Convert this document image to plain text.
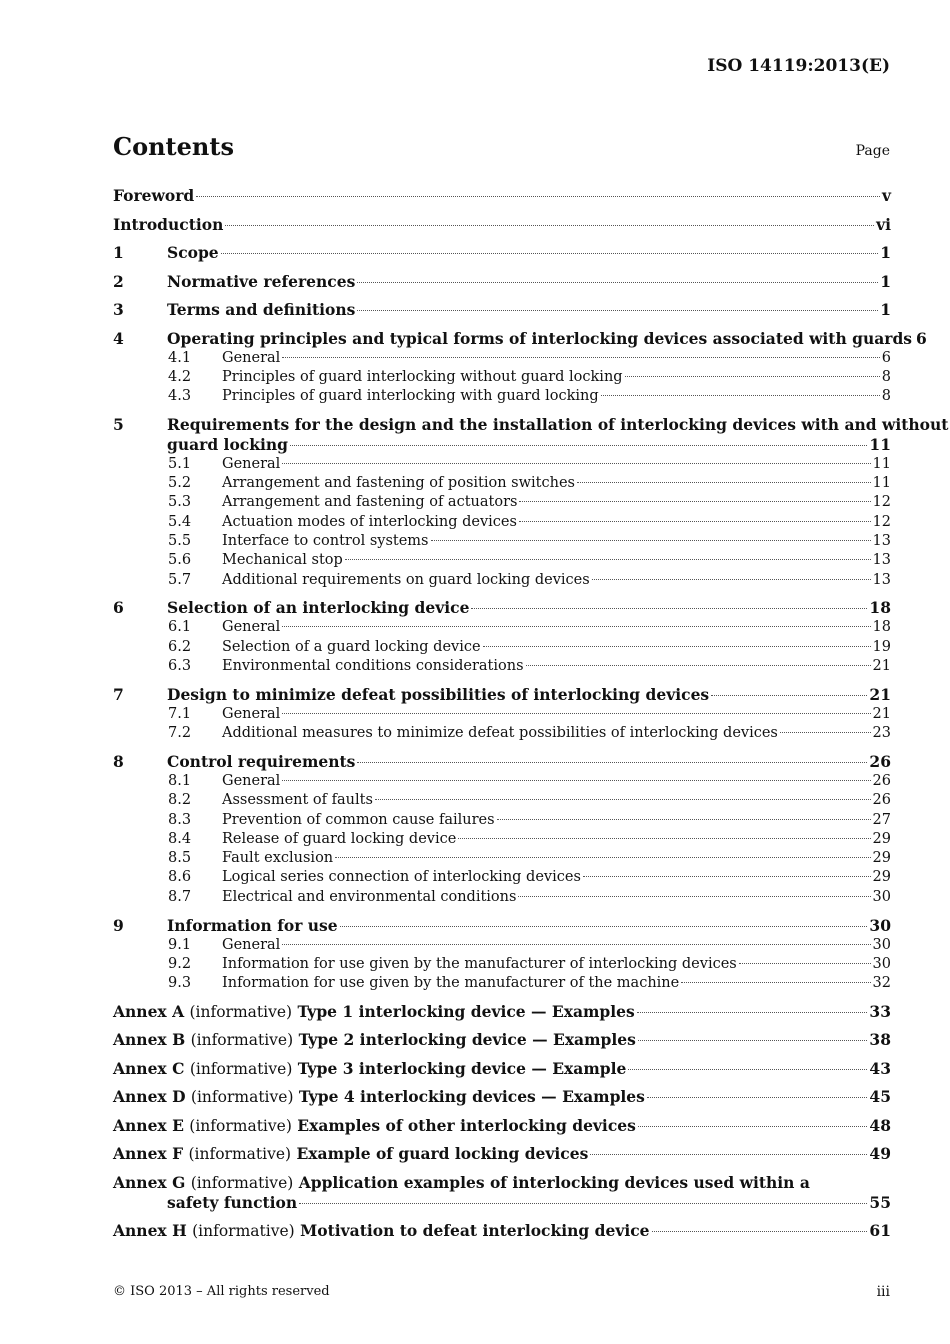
ISO 14119:2013(E)
Contents	Page
Foreword	v
Introduction	vi
1	Scope	1
2	Normative references	1
3	Terms and definitions	1
4	Operating principles and typical forms of interlocking devices associated with guards 6
4.1	General	6
4.2	Principles of guard interlocking without guard locking	8
4.3	Principles of guard interlocking with guard locking	8
5	Requirements for the design and the installation of interlocking devices with and without
guard locking	11
5.1	General	11
5.2	Arrangement and fastening of position switches	11
5.3	Arrangement and fastening of actuators	12
5.4	Actuation modes of interlocking devices	12
5.5	Interface to control systems	13
5.6	Mechanical stop	13
5.7	Additional requirements on guard locking devices	13
6	Selection of an interlocking device	18
6.1	General	18
6.2	Selection of a guard locking device	19
6.3	Environmental conditions considerations	21
7	Design to minimize defeat possibilities of interlocking devices	21
7.1	General	21
7.2	Additional measures to minimize defeat possibilities of interlocking devices	23
8	Control requirements	26
8.1	General	26
8.2	Assessment of faults	26
8.3	Prevention of common cause failures	27
8.4	Release of guard locking device	29
8.5	Fault exclusion	29
8.6	Logical series connection of interlocking devices	29
8.7	Electrical and environmental conditions	30
9	Information for use	30
9.1	General	30
9.2	Information for use given by the manufacturer of interlocking devices	30
9.3	Information for use given by the manufacturer of the machine	32
Annex A (informative) Type 1 interlocking device — Examples	33
Annex B (informative) Type 2 interlocking device — Examples	38
Annex C (informative) Type 3 interlocking device — Example	43
Annex D (informative) Type 4 interlocking devices — Examples	45
Annex E (informative) Examples of other interlocking devices	48
Annex F (informative) Example of guard locking devices	49
Annex G (informative) Application examples of interlocking devices used within a
safety function	55
Annex H (informative) Motivation to defeat interlocking device	61
© ISO 2013 – All rights reserved	iii
